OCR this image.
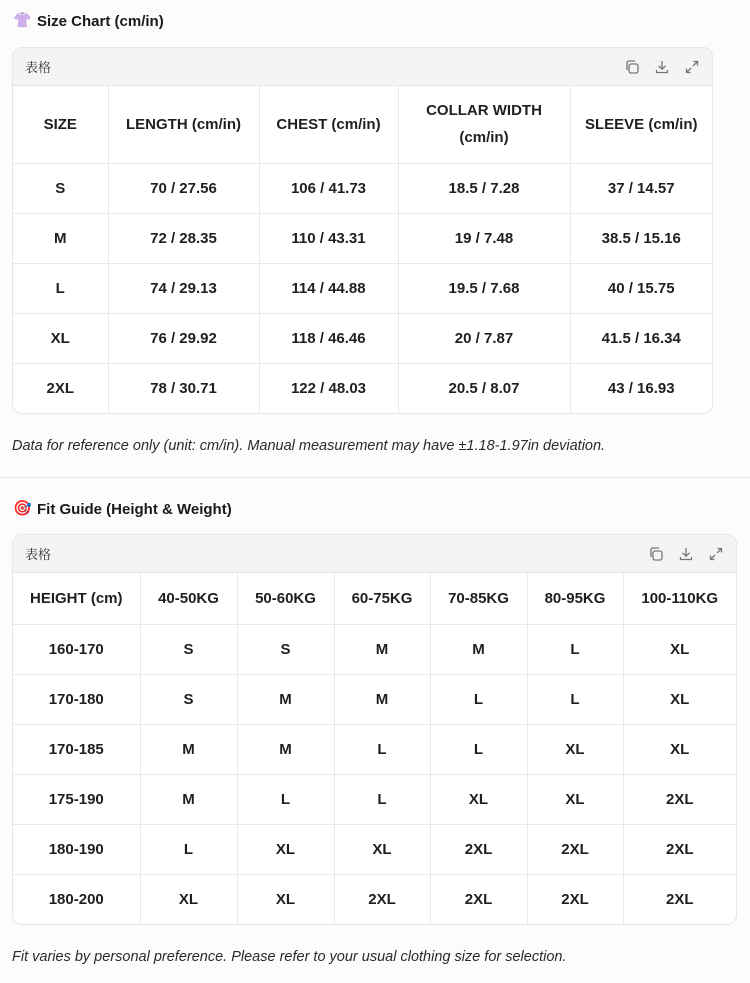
👚 Size Chart (cm/in)
表格
SIZE	LENGTH (cm/in)	CHEST (cm/in)	COLLAR WIDTH (cm/in)	SLEEVE (cm/in)
S	70 / 27.56	106 / 41.73	18.5 / 7.28	37 / 14.57
M	72 / 28.35	110 / 43.31	19 / 7.48	38.5 / 15.16
L	74 / 29.13	114 / 44.88	19.5 / 7.68	40 / 15.75
XL	76 / 29.92	118 / 46.46	20 / 7.87	41.5 / 16.34
2XL	78 / 30.71	122 / 48.03	20.5 / 8.07	43 / 16.93
Data for reference only (unit: cm/in). Manual measurement may have ±1.18-1.97in deviation.
🎯 Fit Guide (Height & Weight)
表格
HEIGHT (cm)	40-50KG	50-60KG	60-75KG	70-85KG	80-95KG	100-110KG
160-170	S	S	M	M	L	XL
170-180	S	M	M	L	L	XL
170-185	M	M	L	L	XL	XL
175-190	M	L	L	XL	XL	2XL
180-190	L	XL	XL	2XL	2XL	2XL
180-200	XL	XL	2XL	2XL	2XL	2XL
Fit varies by personal preference. Please refer to your usual clothing size for selection.
